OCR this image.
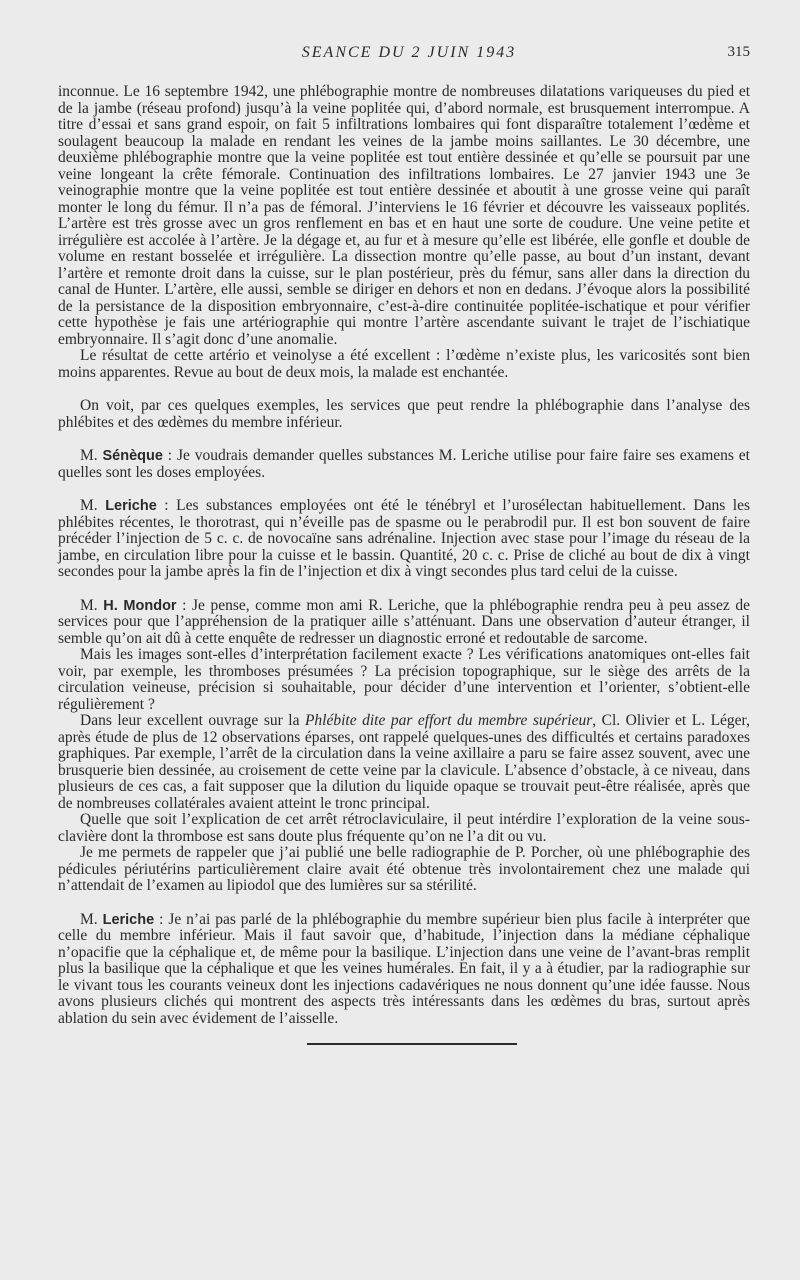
SEANCE DU 2 JUIN 1943	315

inconnue. Le 16 septembre 1942, une phlébographie montre de nombreuses dilatations variqueuses du pied et de la jambe (réseau profond) jusqu’à la veine poplitée qui, d’abord normale, est brusquement interrompue. A titre d’essai et sans grand espoir, on fait 5 infiltrations lombaires qui font disparaître totalement l’œdème et soulagent beaucoup la malade en rendant les veines de la jambe moins saillantes. Le 30 décembre, une deuxième phlébographie montre que la veine poplitée est tout entière dessinée et qu’elle se poursuit par une veine longeant la crête fémorale. Continuation des infiltrations lombaires. Le 27 janvier 1943 une 3e veinographie montre que la veine poplitée est tout entière dessinée et aboutit à une grosse veine qui paraît monter le long du fémur. Il n’a pas de fémoral. J’interviens le 16 février et découvre les vaisseaux poplités. L’artère est très grosse avec un gros renflement en bas et en haut une sorte de coudure. Une veine petite et irrégulière est accolée à l’artère. Je la dégage et, au fur et à mesure qu’elle est libérée, elle gonfle et double de volume en restant bosselée et irrégulière. La dissection montre qu’elle passe, au bout d’un instant, devant l’artère et remonte droit dans la cuisse, sur le plan postérieur, près du fémur, sans aller dans la direction du canal de Hunter. L’artère, elle aussi, semble se diriger en dehors et non en dedans. J’évoque alors la possibilité de la persistance de la disposition embryonnaire, c’est-à-dire continuitée poplitée-ischatique et pour vérifier cette hypothèse je fais une artériographie qui montre l’artère ascendante suivant le trajet de l’ischiatique embryonnaire. Il s’agit donc d’une anomalie.

Le résultat de cette artério et veinolyse a été excellent : l’œdème n’existe plus, les varicosités sont bien moins apparentes. Revue au bout de deux mois, la malade est enchantée.

On voit, par ces quelques exemples, les services que peut rendre la phlébographie dans l’analyse des phlébites et des œdèmes du membre inférieur.

M. Sénèque : Je voudrais demander quelles substances M. Leriche utilise pour faire faire ses examens et quelles sont les doses employées.

M. Leriche : Les substances employées ont été le ténébryl et l’urosélectan habituellement. Dans les phlébites récentes, le thorotrast, qui n’éveille pas de spasme ou le perabrodil pur. Il est bon souvent de faire précéder l’injection de 5 c. c. de novocaïne sans adrénaline. Injection avec stase pour l’image du réseau de la jambe, en circulation libre pour la cuisse et le bassin. Quantité, 20 c. c. Prise de cliché au bout de dix à vingt secondes pour la jambe après la fin de l’injection et dix à vingt secondes plus tard celui de la cuisse.

M. H. Mondor : Je pense, comme mon ami R. Leriche, que la phlébographie rendra peu à peu assez de services pour que l’appréhension de la pratiquer aille s’atténuant. Dans une observation d’auteur étranger, il semble qu’on ait dû à cette enquête de redresser un diagnostic erroné et redoutable de sarcome.

Mais les images sont-elles d’interprétation facilement exacte ? Les vérifications anatomiques ont-elles fait voir, par exemple, les thromboses présumées ? La précision topographique, sur le siège des arrêts de la circulation veineuse, précision si souhaitable, pour décider d’une intervention et l’orienter, s’obtient-elle régulièrement ?

Dans leur excellent ouvrage sur la Phlébite dite par effort du membre supérieur, Cl. Olivier et L. Léger, après étude de plus de 12 observations éparses, ont rappelé quelques-unes des difficultés et certains paradoxes graphiques. Par exemple, l’arrêt de la circulation dans la veine axillaire a paru se faire assez souvent, avec une brusquerie bien dessinée, au croisement de cette veine par la clavicule. L’absence d’obstacle, à ce niveau, dans plusieurs de ces cas, a fait supposer que la dilution du liquide opaque se trouvait peut-être réalisée, après que de nombreuses collatérales avaient atteint le tronc principal.

Quelle que soit l’explication de cet arrêt rétroclaviculaire, il peut intérdire l’exploration de la veine sous-clavière dont la thrombose est sans doute plus fréquente qu’on ne l’a dit ou vu.

Je me permets de rappeler que j’ai publié une belle radiographie de P. Porcher, où une phlébographie des pédicules périutérins particulièrement claire avait été obtenue très involontairement chez une malade qui n’attendait de l’examen au lipiodol que des lumières sur sa stérilité.

M. Leriche : Je n’ai pas parlé de la phlébographie du membre supérieur bien plus facile à interpréter que celle du membre inférieur. Mais il faut savoir que, d’habitude, l’injection dans la médiane céphalique n’opacifie que la céphalique et, de même pour la basilique. L’injection dans une veine de l’avant-bras remplit plus la basilique que la céphalique et que les veines humérales. En fait, il y a à étudier, par la radiographie sur le vivant tous les courants veineux dont les injections cadavériques ne nous donnent qu’une idée fausse. Nous avons plusieurs clichés qui montrent des aspects très intéressants dans les œdèmes du bras, surtout après ablation du sein avec évidement de l’aisselle.
